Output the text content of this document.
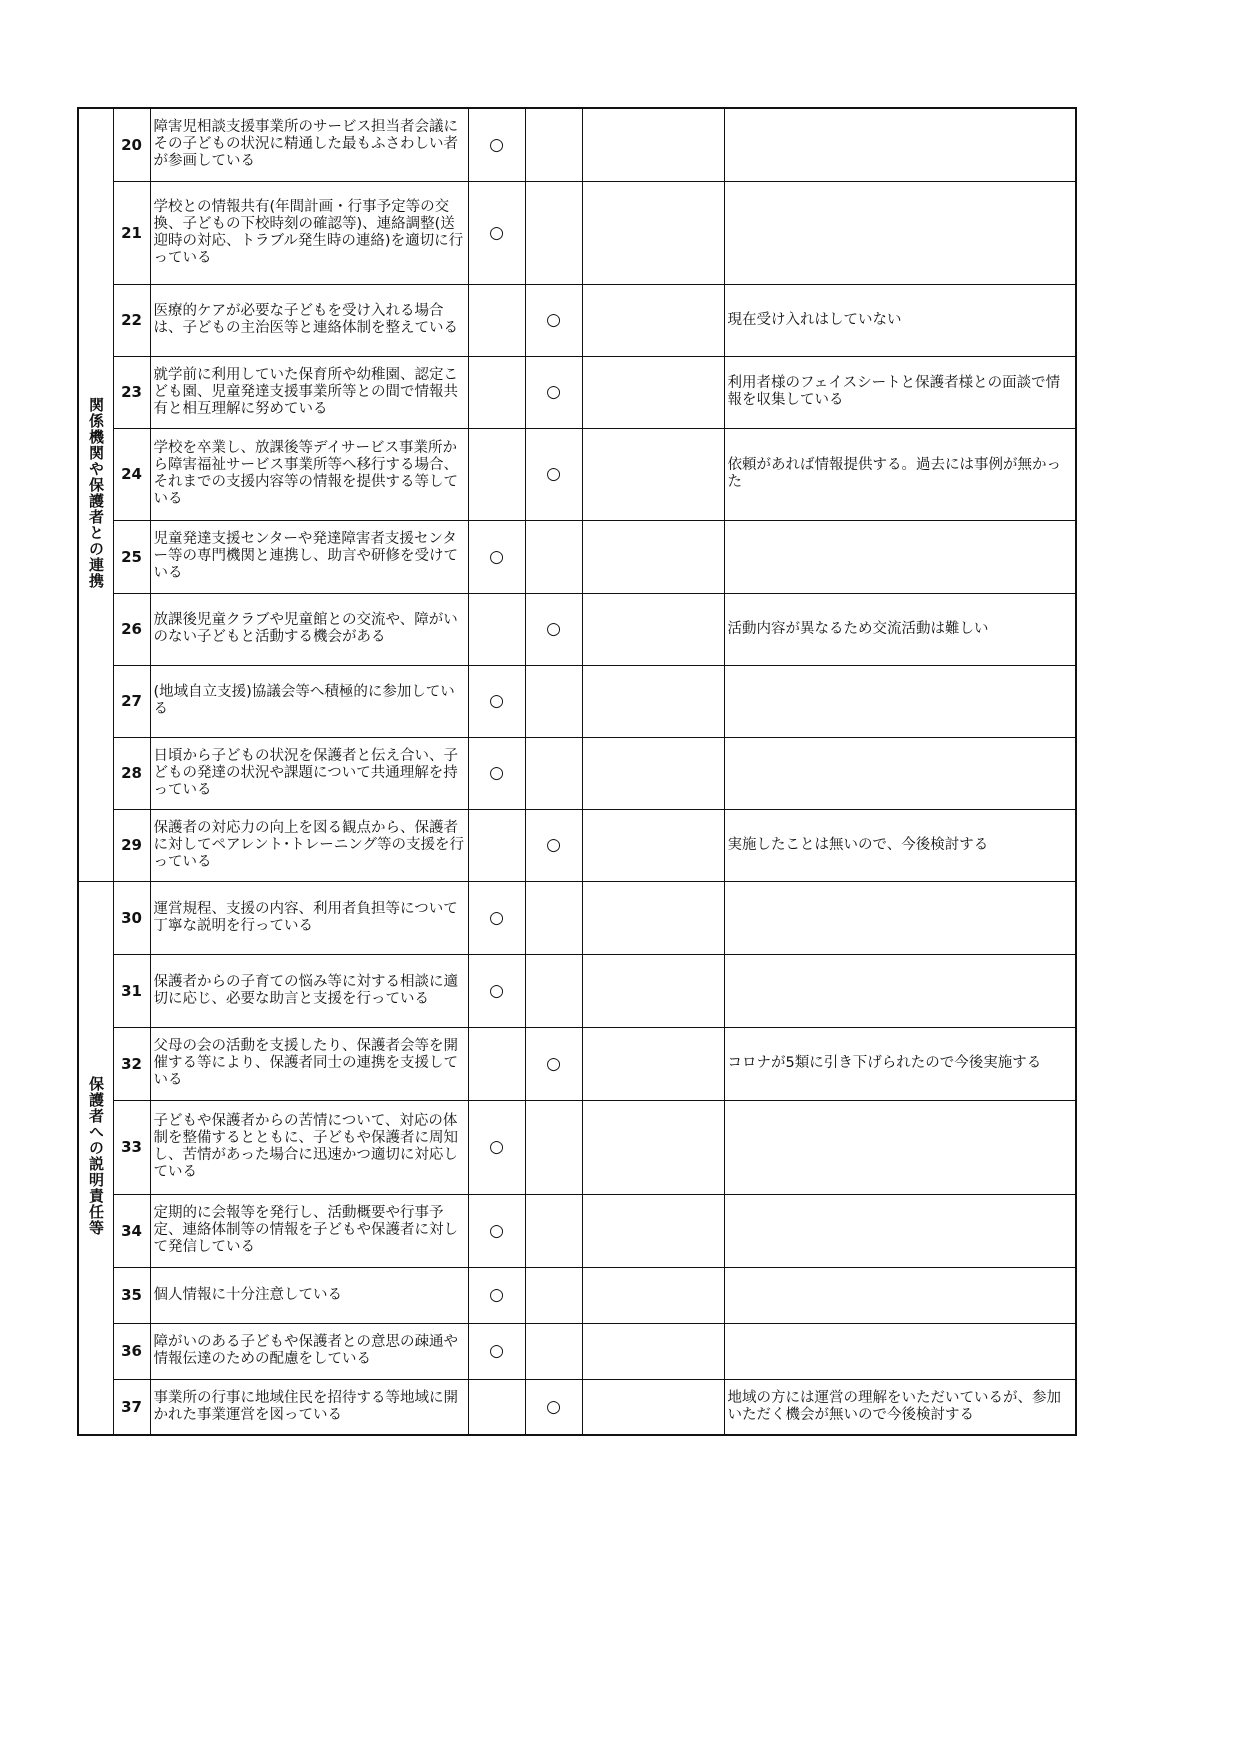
関係機関や保護者との連携	20	障害児相談支援事業所のサービス担当者会議にその子どもの状況に精通した最もふさわしい者が参画している	○			
	21	学校との情報共有(年間計画・行事予定等の交換、子どもの下校時刻の確認等)、連絡調整(送迎時の対応、トラブル発生時の連絡)を適切に行っている	○			
	22	医療的ケアが必要な子どもを受け入れる場合は、子どもの主治医等と連絡体制を整えている		○		現在受け入れはしていない
	23	就学前に利用していた保育所や幼稚園、認定こども園、児童発達支援事業所等との間で情報共有と相互理解に努めている		○		利用者様のフェイスシートと保護者様との面談で情報を収集している
	24	学校を卒業し、放課後等デイサービス事業所から障害福祉サービス事業所等へ移行する場合、それまでの支援内容等の情報を提供する等している		○		依頼があれば情報提供する。過去には事例が無かった
	25	児童発達支援センターや発達障害者支援センター等の専門機関と連携し、助言や研修を受けている	○			
	26	放課後児童クラブや児童館との交流や、障がいのない子どもと活動する機会がある		○		活動内容が異なるため交流活動は難しい
	27	(地域自立支援)協議会等へ積極的に参加している	○			
	28	日頃から子どもの状況を保護者と伝え合い、子どもの発達の状況や課題について共通理解を持っている	○			
	29	保護者の対応力の向上を図る観点から、保護者に対してペアレント･トレーニング等の支援を行っている		○		実施したことは無いので、今後検討する
保護者への説明責任等	30	運営規程、支援の内容、利用者負担等について丁寧な説明を行っている	○			
	31	保護者からの子育ての悩み等に対する相談に適切に応じ、必要な助言と支援を行っている	○			
	32	父母の会の活動を支援したり、保護者会等を開催する等により、保護者同士の連携を支援している		○		コロナが5類に引き下げられたので今後実施する
	33	子どもや保護者からの苦情について、対応の体制を整備するとともに、子どもや保護者に周知し、苦情があった場合に迅速かつ適切に対応している	○			
	34	定期的に会報等を発行し、活動概要や行事予定、連絡体制等の情報を子どもや保護者に対して発信している	○			
	35	個人情報に十分注意している	○			
	36	障がいのある子どもや保護者との意思の疎通や情報伝達のための配慮をしている	○			
	37	事業所の行事に地域住民を招待する等地域に開かれた事業運営を図っている		○		地域の方には運営の理解をいただいているが、参加いただく機会が無いので今後検討する
